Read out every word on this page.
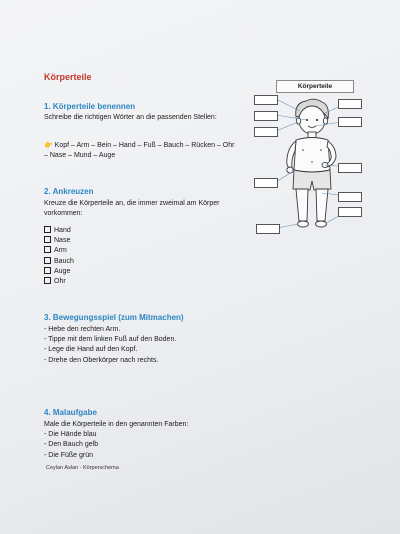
Körperteile
1. Körperteile benennen
Schreibe die richtigen Wörter an die passenden Stellen:
👉 Kopf – Arm – Bein – Hand – Fuß – Bauch – Rücken – Ohr
– Nase – Mund – Auge
2. Ankreuzen
Kreuze die Körperteile an, die immer zweimal am Körper
vorkommen:
Hand
Nase
Arm
Bauch
Auge
Ohr
3. Bewegungsspiel (zum Mitmachen)
- Hebe den rechten Arm.
- Tippe mit dem linken Fuß auf den Boden.
- Lege die Hand auf den Kopf.
- Drehe den Oberkörper nach rechts.
4. Malaufgabe
Male die Körperteile in den genannten Farben:
- Die Hände blau
- Den Bauch gelb
- Die Füße grün
Ceylan Aslan - Körperschema
Körperteile
